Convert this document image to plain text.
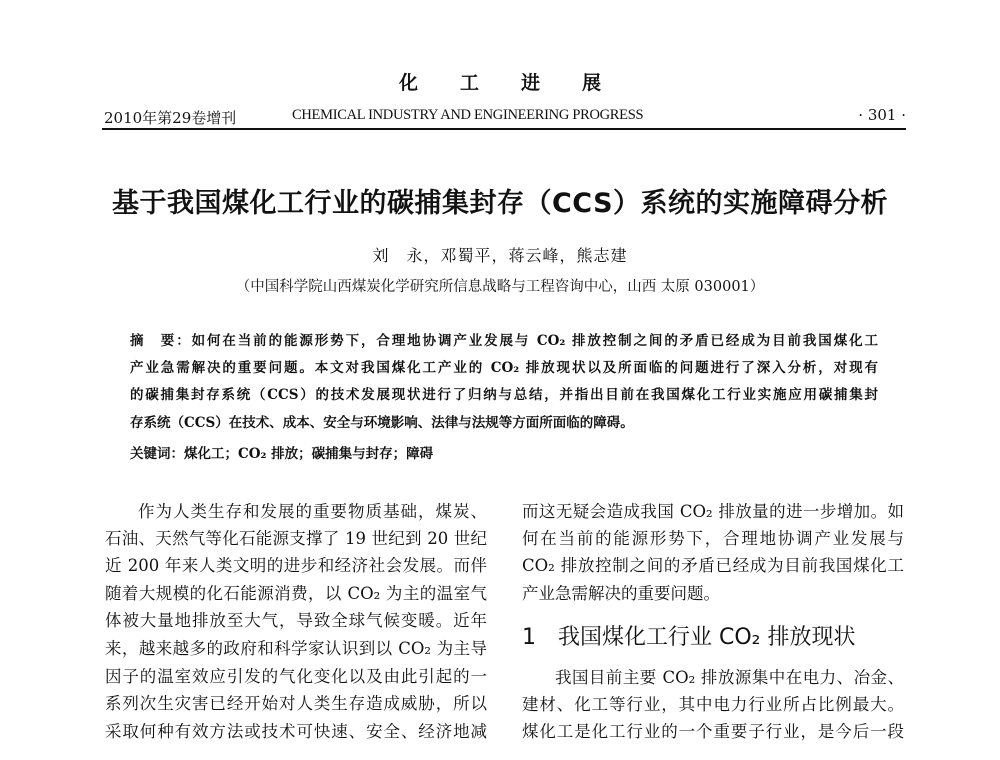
化工进展
2010年第29卷增刊	CHEMICAL INDUSTRY AND ENGINEERING PROGRESS	· 301 ·
基于我国煤化工行业的碳捕集封存（CCS）系统的实施障碍分析
刘　永，邓蜀平，蒋云峰，熊志建
（中国科学院山西煤炭化学研究所信息战略与工程咨询中心，山西 太原 030001）
摘　要：如何在当前的能源形势下，合理地协调产业发展与 CO₂ 排放控制之间的矛盾已经成为目前我国煤化工
产业急需解决的重要问题。本文对我国煤化工产业的 CO₂ 排放现状以及所面临的问题进行了深入分析，对现有
的碳捕集封存系统（CCS）的技术发展现状进行了归纳与总结，并指出目前在我国煤化工行业实施应用碳捕集封
存系统（CCS）在技术、成本、安全与环境影响、法律与法规等方面所面临的障碍。
关键词：煤化工；CO₂ 排放；碳捕集与封存；障碍
作为人类生存和发展的重要物质基础，煤炭、
石油、天然气等化石能源支撑了 19 世纪到 20 世纪
近 200 年来人类文明的进步和经济社会发展。而伴
随着大规模的化石能源消费，以 CO₂ 为主的温室气
体被大量地排放至大气，导致全球气候变暖。近年
来，越来越多的政府和科学家认识到以 CO₂ 为主导
因子的温室效应引发的气化变化以及由此引起的一
系列次生灾害已经开始对人类生存造成威胁，所以
采取何种有效方法或技术可快速、安全、经济地减
而这无疑会造成我国 CO₂ 排放量的进一步增加。如
何在当前的能源形势下，合理地协调产业发展与
CO₂ 排放控制之间的矛盾已经成为目前我国煤化工
产业急需解决的重要问题。
1 我国煤化工行业 CO₂ 排放现状
我国目前主要 CO₂ 排放源集中在电力、冶金、
建材、化工等行业，其中电力行业所占比例最大。
煤化工是化工行业的一个重要子行业，是今后一段
